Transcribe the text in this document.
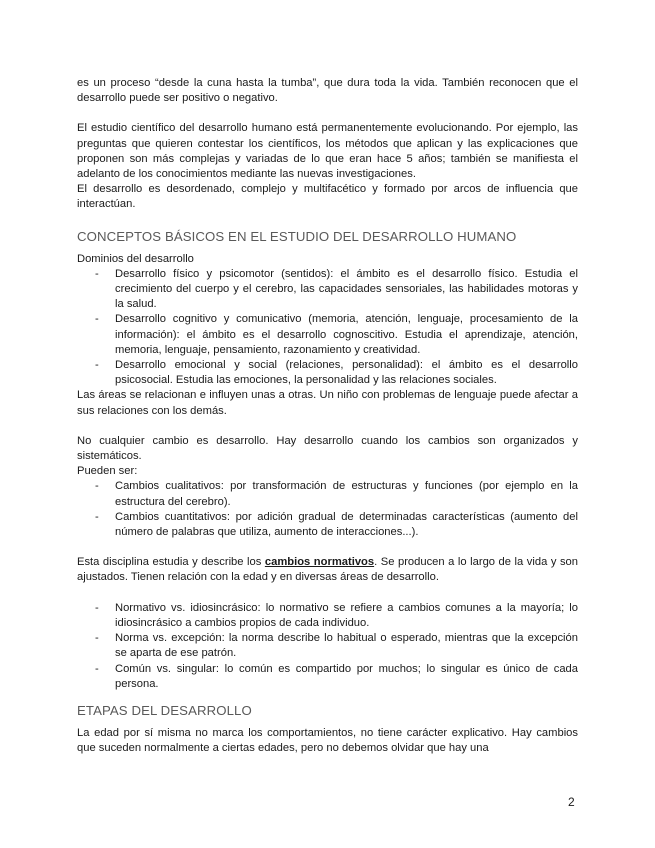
es un proceso “desde la cuna hasta la tumba”, que dura toda la vida. También reconocen que el desarrollo puede ser positivo o negativo.

El estudio científico del desarrollo humano está permanentemente evolucionando. Por ejemplo, las preguntas que quieren contestar los científicos, los métodos que aplican y las explicaciones que proponen son más complejas y variadas de lo que eran hace 5 años; también se manifiesta el adelanto de los conocimientos mediante las nuevas investigaciones.

El desarrollo es desordenado, complejo y multifacético y formado por arcos de influencia que interactúan.

CONCEPTOS BÁSICOS EN EL ESTUDIO DEL DESARROLLO HUMANO

Dominios del desarrollo

- Desarrollo físico y psicomotor (sentidos): el ámbito es el desarrollo físico. Estudia el crecimiento del cuerpo y el cerebro, las capacidades sensoriales, las habilidades motoras y la salud.
- Desarrollo cognitivo y comunicativo (memoria, atención, lenguaje, procesamiento de la información): el ámbito es el desarrollo cognoscitivo. Estudia el aprendizaje, atención, memoria, lenguaje, pensamiento, razonamiento y creatividad.
- Desarrollo emocional y social (relaciones, personalidad): el ámbito es el desarrollo psicosocial. Estudia las emociones, la personalidad y las relaciones sociales.

Las áreas se relacionan e influyen unas a otras. Un niño con problemas de lenguaje puede afectar a sus relaciones con los demás.

No cualquier cambio es desarrollo. Hay desarrollo cuando los cambios son organizados y sistemáticos.

Pueden ser:

- Cambios cualitativos: por transformación de estructuras y funciones (por ejemplo en la estructura del cerebro).
- Cambios cuantitativos: por adición gradual de determinadas características (aumento del número de palabras que utiliza, aumento de interacciones...).

Esta disciplina estudia y describe los cambios normativos. Se producen a lo largo de la vida y son ajustados. Tienen relación con la edad y en diversas áreas de desarrollo.

- Normativo vs. idiosincrásico: lo normativo se refiere a cambios comunes a la mayoría; lo idiosincrásico a cambios propios de cada individuo.
- Norma vs. excepción: la norma describe lo habitual o esperado, mientras que la excepción se aparta de ese patrón.
- Común vs. singular: lo común es compartido por muchos; lo singular es único de cada persona.
ETAPAS DEL DESARROLLO

La edad por sí misma no marca los comportamientos, no tiene carácter explicativo. Hay cambios que suceden normalmente a ciertas edades, pero no debemos olvidar que hay una

2
